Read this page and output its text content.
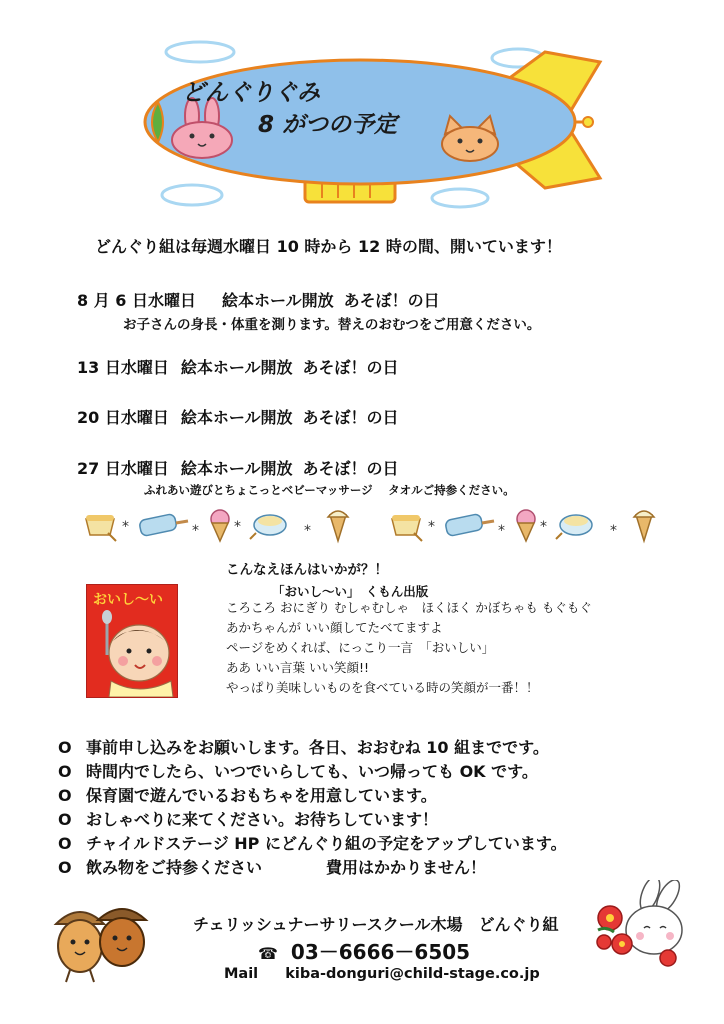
どんぐりぐみ
8 がつの予定
どんぐり組は毎週水曜日 10 時から 12 時の間、開いています！
8 月 6 日水曜日 絵本ホール開放 あそぼ！の日
お子さんの身長・体重を測ります。替えのおむつをご用意ください。
13 日水曜日 絵本ホール開放 あそぼ！の日
20 日水曜日 絵本ホール開放 あそぼ！の日
27 日水曜日 絵本ホール開放 あそぼ！の日
ふれあい遊びとちょこっとベビーマッサージ　 タオルご持参ください。
*	*	*	*	*	*	*	*
おいし～い
こんなえほんはいかが？！
「おいし～い」　くもん出版
ころころ おにぎり むしゃむしゃ　ほくほく かぼちゃも もぐもぐ
あかちゃんが いい顔してたべてますよ
ページをめくれば、にっこり一言　「おいしい」
ああ いい言葉 いい笑顔!!
やっぱり美味しいものを食べている時の笑顔が一番！！
O 事前申し込みをお願いします。各日、おおむね 10 組までです。
O 時間内でしたら、いつでいらしても、いつ帰っても OK です。
O 保育園で遊んでいるおもちゃを用意しています。
O おしゃべりに来てください。お待ちしています！
O チャイルドステージ HP にどんぐり組の予定をアップしています。
O 飲み物をご持参ください　　　　費用はかかりません！
チェリッシュナーサリースクール木場　どんぐり組
☎ 03－6666－6505
Mail kiba-donguri@child-stage.co.jp
